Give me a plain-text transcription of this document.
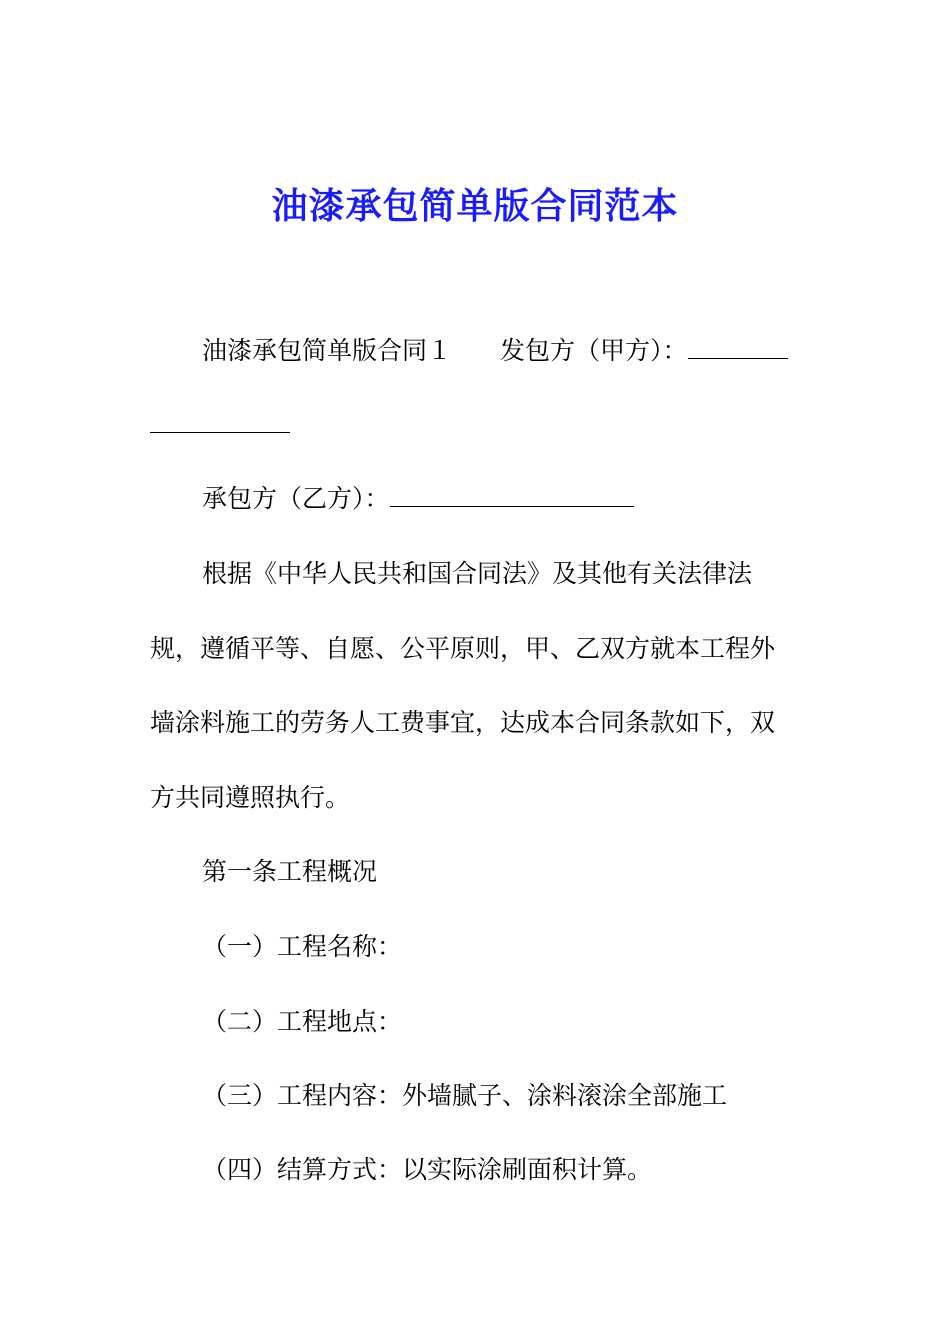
油漆承包简单版合同范本
油漆承包简单版合同１ 发包方（甲方）：
承包方（乙方）：
根据《中华人民共和国合同法》及其他有关法律法
规，遵循平等、自愿、公平原则，甲、乙双方就本工程外
墙涂料施工的劳务人工费事宜，达成本合同条款如下，双
方共同遵照执行。
第一条工程概况
（一）工程名称：
（二）工程地点：
（三）工程内容：外墙腻子、涂料滚涂全部施工
（四）结算方式：以实际涂刷面积计算。
